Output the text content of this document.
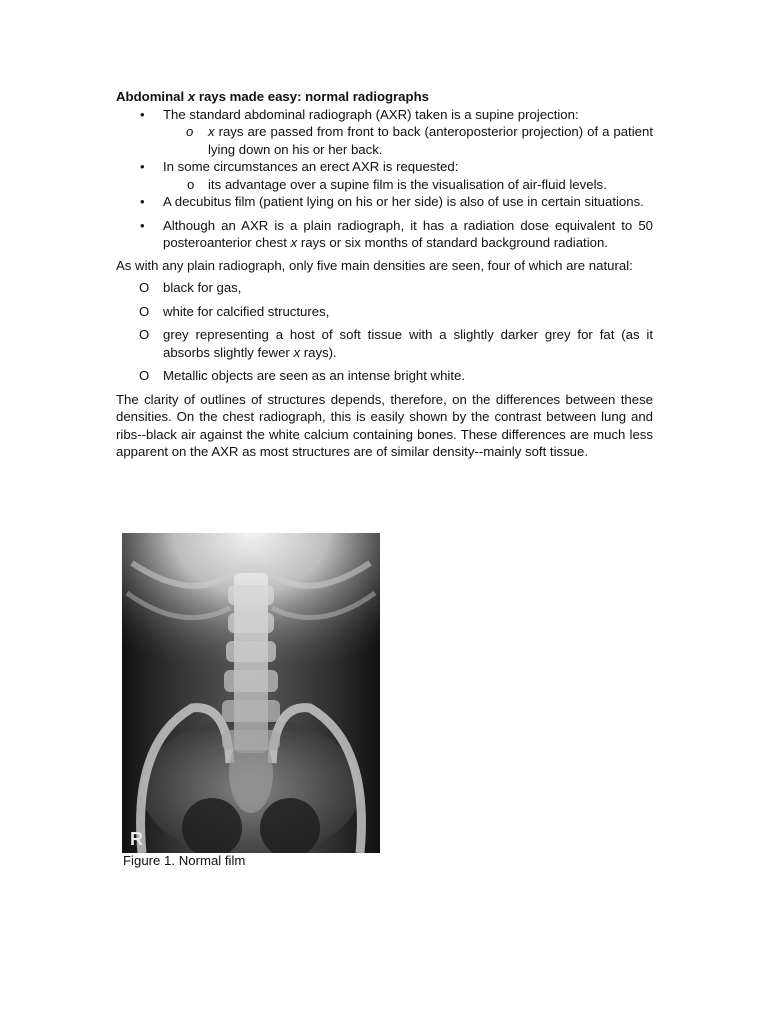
Abdominal x rays made easy: normal radiographs

• The standard abdominal radiograph (AXR) taken is a supine projection:
o x rays are passed from front to back (anteroposterior projection) of a patient lying down on his or her back.
• In some circumstances an erect AXR is requested:
o its advantage over a supine film is the visualisation of air-fluid levels.
• A decubitus film (patient lying on his or her side) is also of use in certain situations.
• Although an AXR is a plain radiograph, it has a radiation dose equivalent to 50 posteroanterior chest x rays or six months of standard background radiation.

As with any plain radiograph, only five main densities are seen, four of which are natural:

O black for gas,
O white for calcified structures,
O grey representing a host of soft tissue with a slightly darker grey for fat (as it absorbs slightly fewer x rays).
O Metallic objects are seen as an intense bright white.

The clarity of outlines of structures depends, therefore, on the differences between these densities. On the chest radiograph, this is easily shown by the contrast between lung and ribs--black air against the white calcium containing bones. These differences are much less apparent on the AXR as most structures are of similar density--mainly soft tissue.

R
Figure 1. Normal film
